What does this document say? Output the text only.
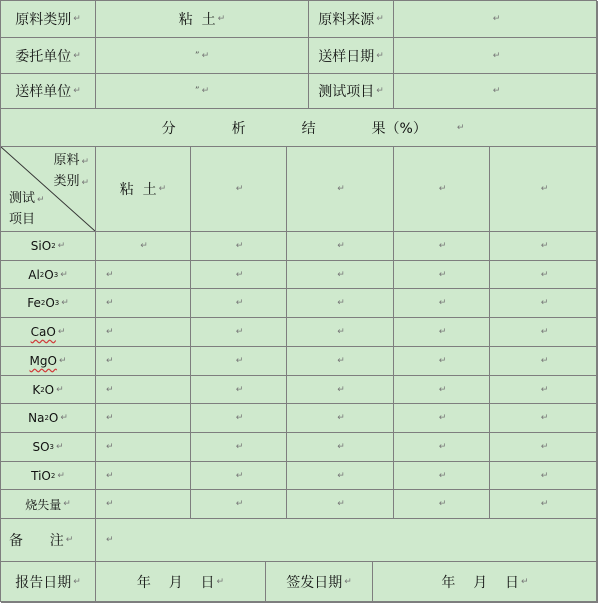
原料类别 ↵	粘  土 ↵	原料来源 ↵	↵
委托单位 ↵	” ↵	送样日期 ↵	↵
送样单位 ↵	” ↵	测试项目 ↵	↵
分	析	结	果（%）	↵
原料 ↵
类别 ↵
测试 ↵
项目
粘  土 ↵	↵	↵	↵	↵
SiO 2 ↵	↵	↵	↵	↵	↵
Al 2 O 3 ↵	↵	↵	↵	↵	↵
Fe 2 O 3 ↵	↵	↵	↵	↵	↵
CaO ↵	↵	↵	↵	↵	↵
MgO ↵	↵	↵	↵	↵	↵
K 2 O ↵	↵	↵	↵	↵	↵
Na 2 O ↵	↵	↵	↵	↵	↵
SO 3 ↵	↵	↵	↵	↵	↵
TiO 2 ↵	↵	↵	↵	↵	↵
烧失量 ↵	↵	↵	↵	↵	↵
备      注 ↵	↵
报告日期 ↵	年    月    日 ↵	签发日期 ↵	年    月    日 ↵
